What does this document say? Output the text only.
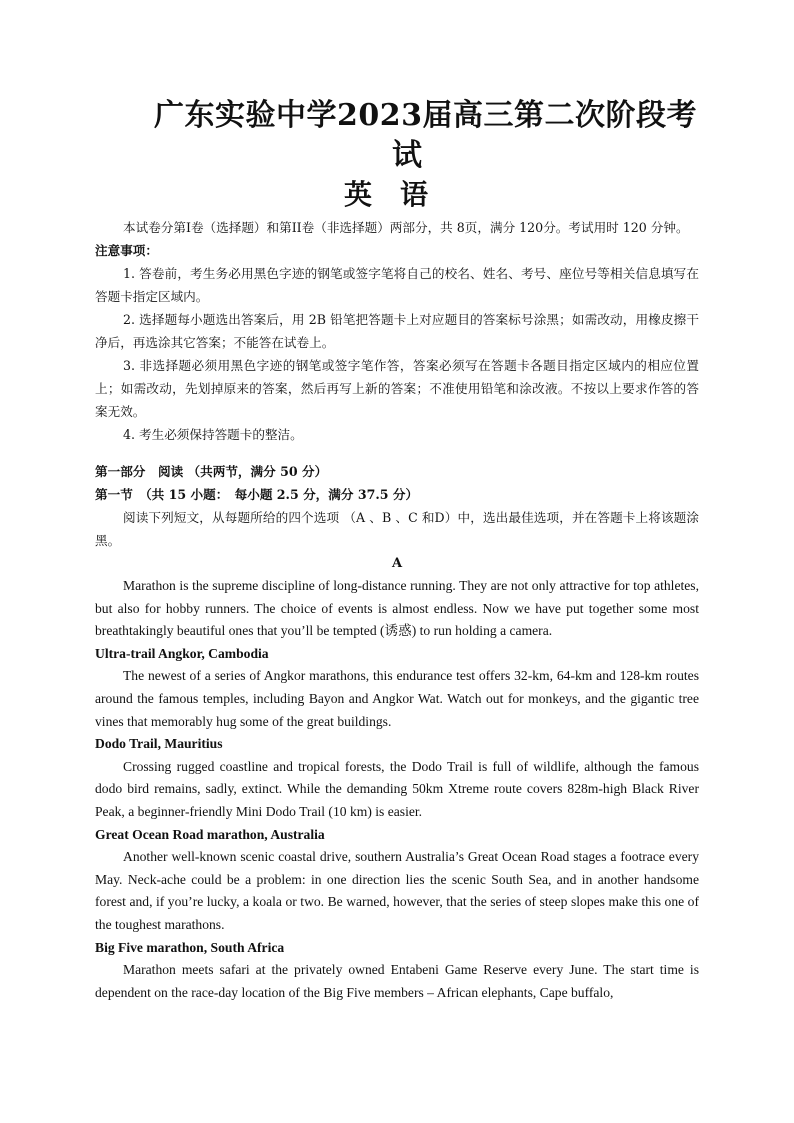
广东实验中学2023届高三第二次阶段考
试
英语

本试卷分第I卷（选择题）和第II卷（非选择题）两部分，共 8页，满分 120分。考试用时 120 分钟。

注意事项：

1. 答卷前，考生务必用黑色字迹的钢笔或签字笔将自己的校名、姓名、考号、座位号等相关信息填写在答题卡指定区域内。

2. 选择题每小题选出答案后，用 2B 铅笔把答题卡上对应题目的答案标号涂黑；如需改动，用橡皮擦干净后，再选涂其它答案；不能答在试卷上。

3. 非选择题必须用黑色字迹的钢笔或签字笔作答，答案必须写在答题卡各题目指定区域内的相应位置上；如需改动，先划掉原来的答案，然后再写上新的答案；不准使用铅笔和涂改液。不按以上要求作答的答案无效。

4. 考生必须保持答题卡的整洁。

第一部分　阅读 （共两节，满分 50 分）

第一节　（共 15 小题：　每小题 2.5 分，满分 37.5 分）

阅读下列短文，从每题所给的四个选项 （A 、B 、C 和D）中，选出最佳选项，并在答题卡上将该题涂黑。

A

Marathon is the supreme discipline of long-distance running. They are not only attractive for top athletes, but also for hobby runners. The choice of events is almost endless. Now we have put together some most breathtakingly beautiful ones that you’ll be tempted (诱惑) to run holding a camera.

Ultra-trail Angkor, Cambodia

The newest of a series of Angkor marathons, this endurance test offers 32-km, 64-km and 128-km routes around the famous temples, including Bayon and Angkor Wat. Watch out for monkeys, and the gigantic tree vines that memorably hug some of the great buildings.

Dodo Trail, Mauritius

Crossing rugged coastline and tropical forests, the Dodo Trail is full of wildlife, although the famous dodo bird remains, sadly, extinct. While the demanding 50km Xtreme route covers 828m-high Black River Peak, a beginner-friendly Mini Dodo Trail (10 km) is easier.

Great Ocean Road marathon, Australia

Another well-known scenic coastal drive, southern Australia’s Great Ocean Road stages a footrace every May. Neck-ache could be a problem: in one direction lies the scenic South Sea, and in another handsome forest and, if you’re lucky, a koala or two. Be warned, however, that the series of steep slopes make this one of the toughest marathons.

Big Five marathon, South Africa

Marathon meets safari at the privately owned Entabeni Game Reserve every June. The start time is dependent on the race-day location of the Big Five members – African elephants, Cape buffalo,
